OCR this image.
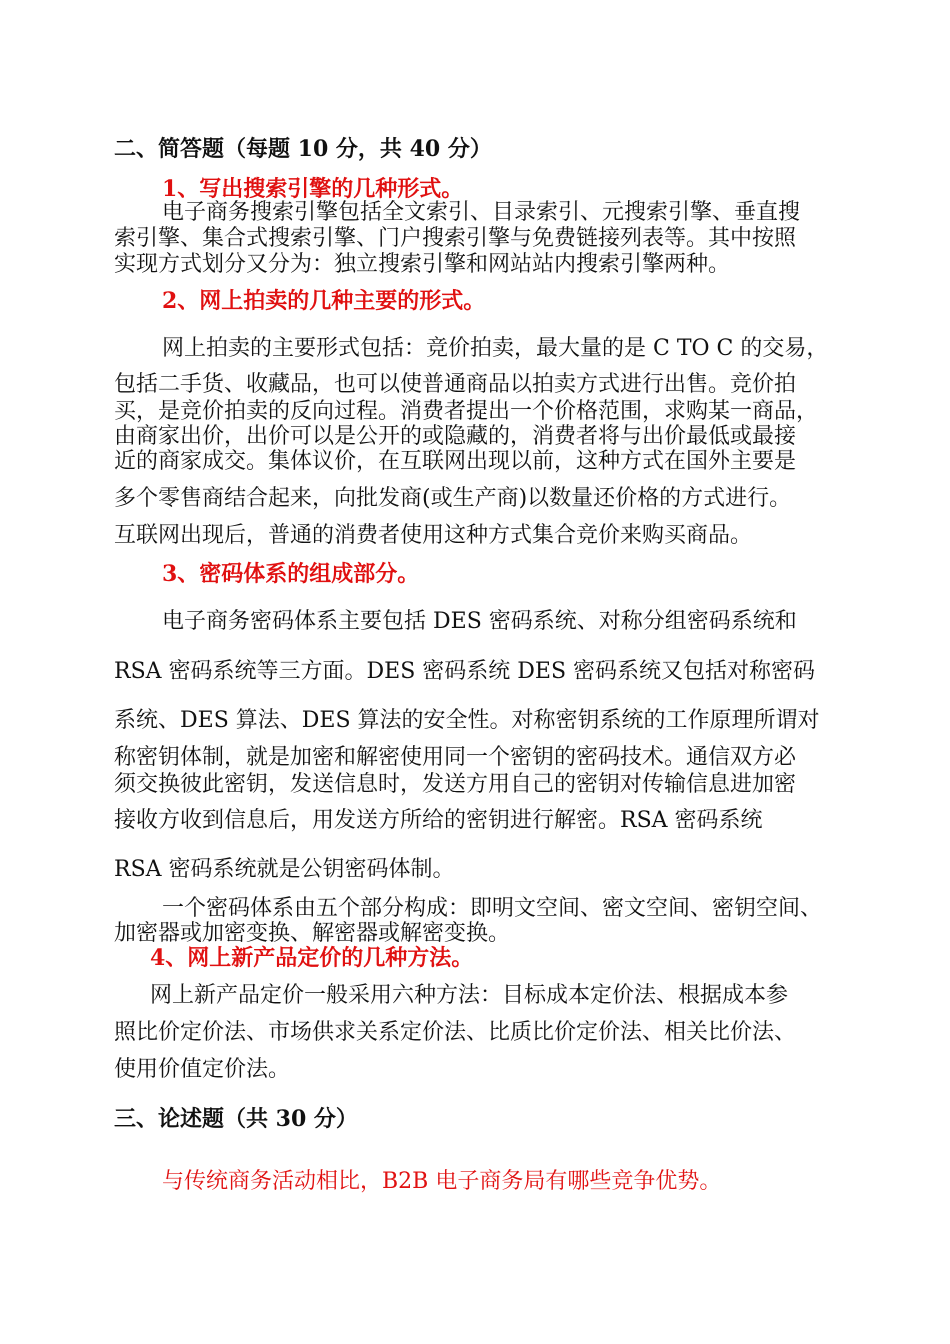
二、简答题（每题 10 分，共 40 分）
1、写出搜索引擎的几种形式。
电子商务搜索引擎包括全文索引、目录索引、元搜索引擎、垂直搜
索引擎、集合式搜索引擎、门户搜索引擎与免费链接列表等。其中按照
实现方式划分又分为：独立搜索引擎和网站站内搜索引擎两种。
2、网上拍卖的几种主要的形式。
网上拍卖的主要形式包括：竞价拍卖，最大量的是 C TO C 的交易，
包括二手货、收藏品，也可以使普通商品以拍卖方式进行出售。竞价拍
买，是竞价拍卖的反向过程。消费者提出一个价格范围，求购某一商品，
由商家出价，出价可以是公开的或隐藏的，消费者将与出价最低或最接
近的商家成交。集体议价，在互联网出现以前，这种方式在国外主要是
多个零售商结合起来，向批发商(或生产商)以数量还价格的方式进行。
互联网出现后，普通的消费者使用这种方式集合竞价来购买商品。
3、密码体系的组成部分。
电子商务密码体系主要包括 DES 密码系统、对称分组密码系统和
RSA 密码系统等三方面。DES 密码系统 DES 密码系统又包括对称密码
系统、DES 算法、DES 算法的安全性。对称密钥系统的工作原理所谓对
称密钥体制，就是加密和解密使用同一个密钥的密码技术。通信双方必
须交换彼此密钥，发送信息时，发送方用自己的密钥对传输信息进加密
接收方收到信息后，用发送方所给的密钥进行解密。RSA 密码系统
RSA 密码系统就是公钥密码体制。
一个密码体系由五个部分构成：即明文空间、密文空间、密钥空间、
加密器或加密变换、解密器或解密变换。
4、网上新产品定价的几种方法。
网上新产品定价一般采用六种方法：目标成本定价法、根据成本参
照比价定价法、市场供求关系定价法、比质比价定价法、相关比价法、
使用价值定价法。
三、论述题（共 30 分）
与传统商务活动相比，B2B 电子商务局有哪些竞争优势。
